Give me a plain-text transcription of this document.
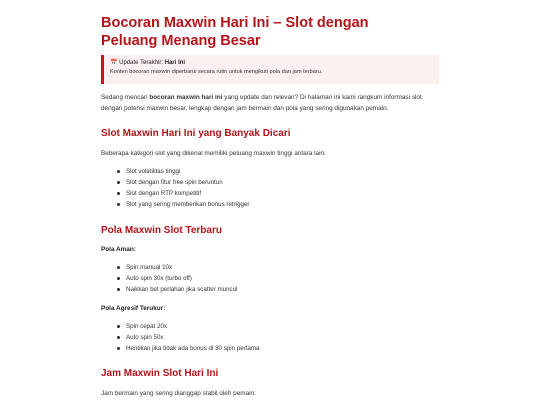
Bocoran Maxwin Hari Ini – Slot dengan Peluang Menang Besar
📅 Update Terakhir: Hari Ini
Konten bocoran maxwin diperbarui secara rutin untuk mengikuti pola dan jam terbaru.

Sedang mencari bocoran maxwin hari ini yang update dan relevan? Di halaman ini kami rangkum informasi slot dengan potensi maxwin besar, lengkap dengan jam bermain dan pola yang sering digunakan pemain.

Slot Maxwin Hari Ini yang Banyak Dicari

Beberapa kategori slot yang dikenal memiliki peluang maxwin tinggi antara lain:

Slot volatilitas tinggi
Slot dengan fitur free spin beruntun
Slot dengan RTP kompetitif
Slot yang sering memberikan bonus retrigger
Pola Maxwin Slot Terbaru
Pola Aman:
Spin manual 10x
Auto spin 30x (turbo off)
Naikkan bet perlahan jika scatter muncul
Pola Agresif Terukur:
Spin cepat 20x
Auto spin 50x
Hentikan jika tidak ada bonus di 30 spin pertama
Jam Maxwin Slot Hari Ini

Jam bermain yang sering dianggap stabil oleh pemain:
